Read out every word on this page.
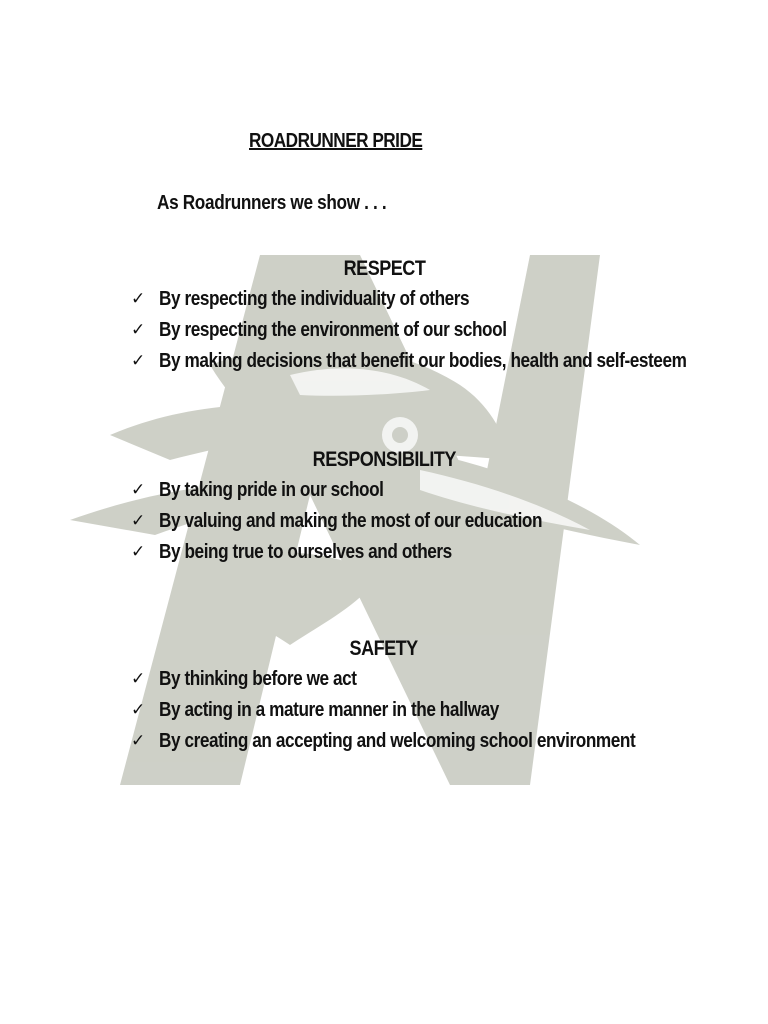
ROADRUNNER PRIDE
As Roadrunners we show . . .
RESPECT
✓ By respecting the individuality of others
✓ By respecting the environment of our school
✓ By making decisions that benefit our bodies, health and self-esteem
RESPONSIBILITY
✓ By taking pride in our school
✓ By valuing and making the most of our education
✓ By being true to ourselves and others
SAFETY
✓ By thinking before we act
✓ By acting in a mature manner in the hallway
✓ By creating an accepting and welcoming school environment
